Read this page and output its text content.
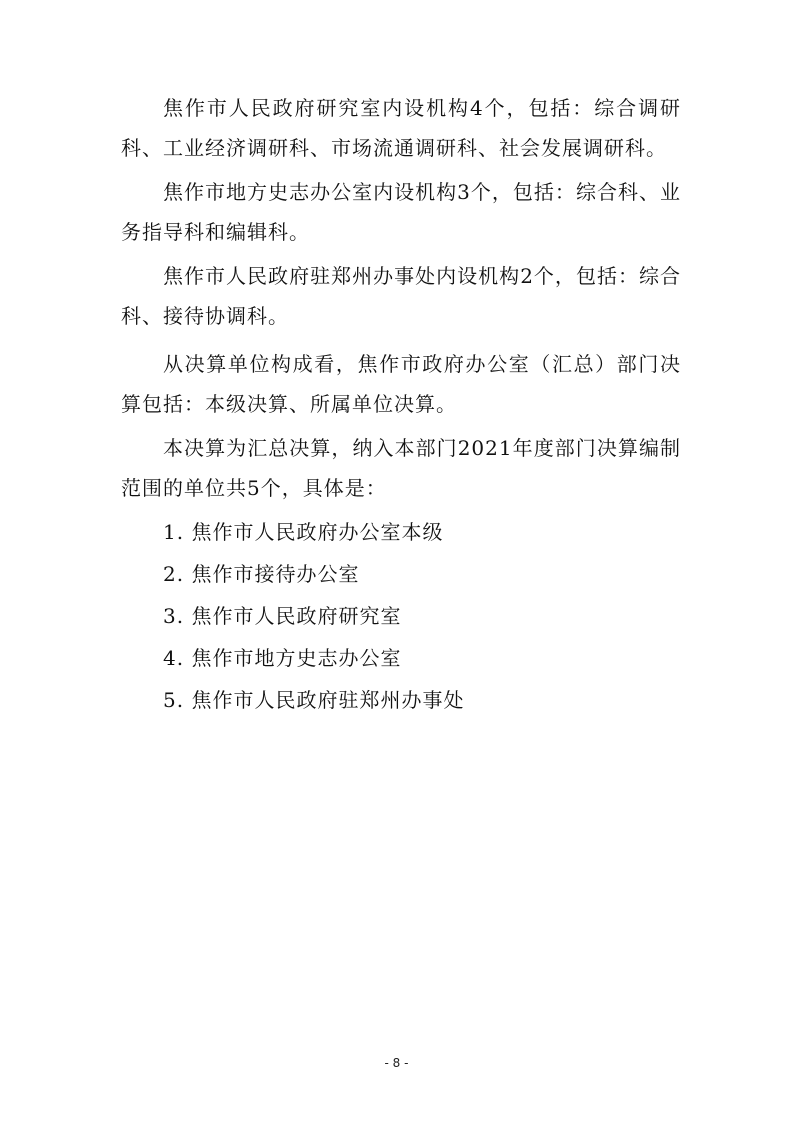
焦作市人民政府研究室内设机构4个，包括：综合调研科、工业经济调研科、市场流通调研科、社会发展调研科。

焦作市地方史志办公室内设机构3个，包括：综合科、业务指导科和编辑科。

焦作市人民政府驻郑州办事处内设机构2个，包括：综合科、接待协调科。

从决算单位构成看，焦作市政府办公室（汇总）部门决算包括：本级决算、所属单位决算。

本决算为汇总决算，纳入本部门2021年度部门决算编制范围的单位共5个，具体是：

1. 焦作市人民政府办公室本级

2. 焦作市接待办公室

3. 焦作市人民政府研究室

4. 焦作市地方史志办公室

5. 焦作市人民政府驻郑州办事处

- 8 -
